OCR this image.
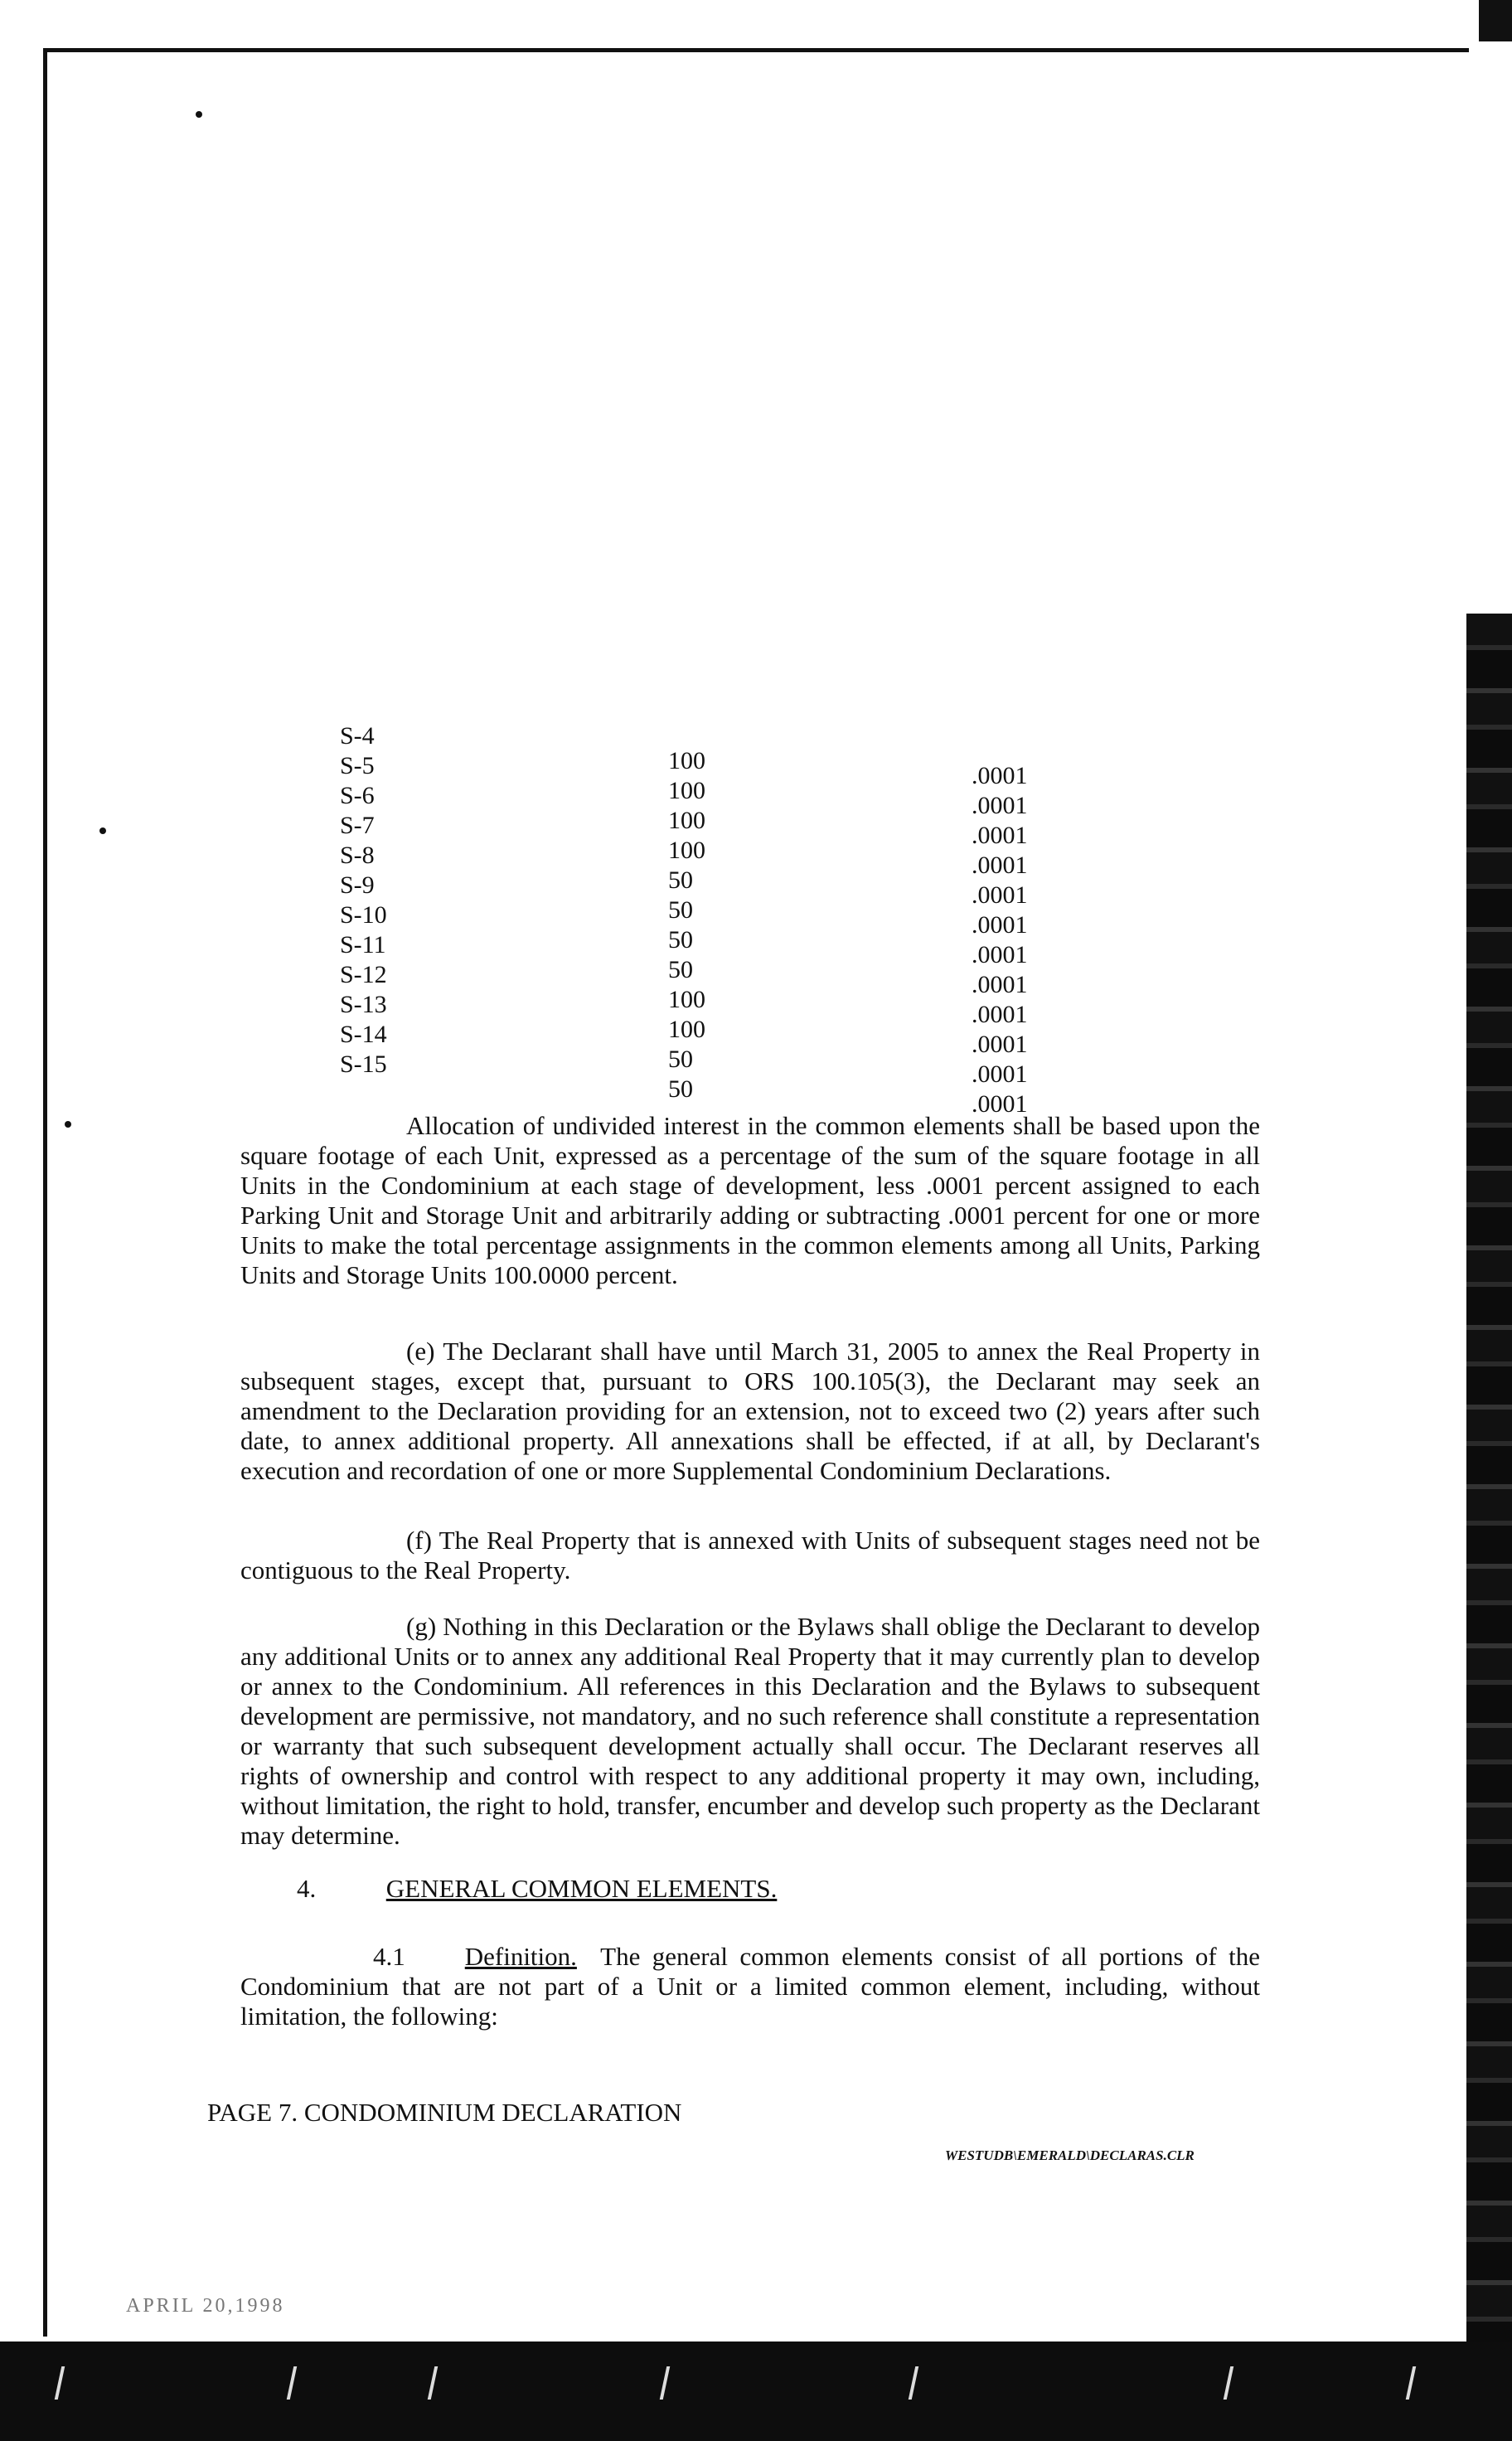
S-4
S-5
S-6
S-7
S-8
S-9
S-10
S-11
S-12
S-13
S-14
S-15
100
100
100
100
50
50
50
50
100
100
50
50
.0001
.0001
.0001
.0001
.0001
.0001
.0001
.0001
.0001
.0001
.0001
.0001

Allocation of undivided interest in the common elements shall be based upon the square footage of each Unit, expressed as a percentage of the sum of the square footage in all Units in the Condominium at each stage of development, less .0001 percent assigned to each Parking Unit and Storage Unit and arbitrarily adding or subtracting .0001 percent for one or more Units to make the total percentage assignments in the common elements among all Units, Parking Units and Storage Units 100.0000 percent.

(e) The Declarant shall have until March 31, 2005 to annex the Real Property in subsequent stages, except that, pursuant to ORS 100.105(3), the Declarant may seek an amendment to the Declaration providing for an extension, not to exceed two (2) years after such date, to annex additional property. All annexations shall be effected, if at all, by Declarant's execution and recordation of one or more Supplemental Condominium Declarations.

(f) The Real Property that is annexed with Units of subsequent stages need not be contiguous to the Real Property.

(g) Nothing in this Declaration or the Bylaws shall oblige the Declarant to develop any additional Units or to annex any additional Real Property that it may currently plan to develop or annex to the Condominium. All references in this Declaration and the Bylaws to subsequent development are permissive, not mandatory, and no such reference shall constitute a representation or warranty that such subsequent development actually shall occur. The Declarant reserves all rights of ownership and control with respect to any additional property it may own, including, without limitation, the right to hold, transfer, encumber and develop such property as the Declarant may determine.

4.	GENERAL COMMON ELEMENTS.

4.1 Definition. The general common elements consist of all portions of the Condominium that are not part of a Unit or a limited common element, including, without limitation, the following:

PAGE 7. CONDOMINIUM DECLARATION
WESTUDB\EMERALD\DECLARAS.CLR
APRIL 20,1998
